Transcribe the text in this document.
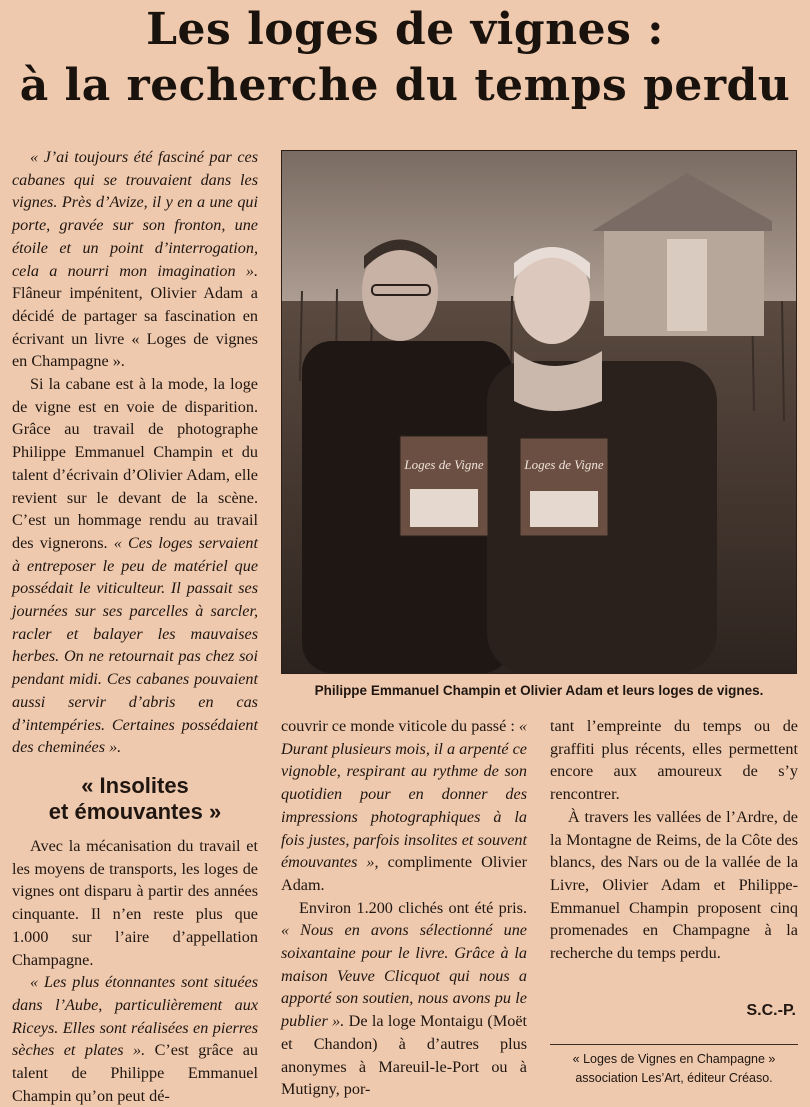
Les loges de vignes :
à la recherche du temps perdu

« J’ai toujours été fasciné par ces cabanes qui se trouvaient dans les vignes. Près d’Avize, il y en a une qui porte, gravée sur son fronton, une étoile et un point d’interrogation, cela a nourri mon imagination ». Flâneur impénitent, Olivier Adam a décidé de partager sa fascination en écrivant un livre « Loges de vignes en Champagne ».

Si la cabane est à la mode, la loge de vigne est en voie de disparition. Grâce au travail de photographe Philippe Emmanuel Champin et du talent d’écrivain d’Olivier Adam, elle revient sur le devant de la scène. C’est un hommage rendu au travail des vignerons. « Ces loges servaient à entreposer le peu de matériel que possédait le viticulteur. Il passait ses journées sur ses parcelles à sarcler, racler et balayer les mauvaises herbes. On ne retournait pas chez soi pendant midi. Ces cabanes pouvaient aussi servir d’abris en cas d’intempéries. Certaines possédaient des cheminées ».

« Insolites
et émouvantes »

Avec la mécanisation du travail et les moyens de transports, les loges de vignes ont disparu à partir des années cinquante. Il n’en reste plus que 1.000 sur l’aire d’appellation Champagne.

« Les plus étonnantes sont situées dans l’Aube, particulièrement aux Riceys. Elles sont réalisées en pierres sèches et plates ». C’est grâce au talent de Philippe Emmanuel Champin qu’on peut dé-

Loges de Vigne	Loges de Vigne
Philippe Emmanuel Champin et Olivier Adam et leurs loges de vignes.

couvrir ce monde viticole du passé : « Durant plusieurs mois, il a arpenté ce vignoble, respirant au rythme de son quotidien pour en donner des impressions photographiques à la fois justes, parfois insolites et souvent émouvantes », complimente Olivier Adam.

Environ 1.200 clichés ont été pris. « Nous en avons sélectionné une soixantaine pour le livre. Grâce à la maison Veuve Clicquot qui nous a apporté son soutien, nous avons pu le publier ». De la loge Montaigu (Moët et Chandon) à d’autres plus anonymes à Mareuil-le-Port ou à Mutigny, por-

tant l’empreinte du temps ou de graffiti plus récents, elles permettent encore aux amoureux de s’y rencontrer.

À travers les vallées de l’Ardre, de la Montagne de Reims, de la Côte des blancs, des Nars ou de la vallée de la Livre, Olivier Adam et Philippe-Emmanuel Champin proposent cinq promenades en Champagne à la recherche du temps perdu.

S.C.-P.
« Loges de Vignes en Champagne »
association Les’Art, éditeur Créaso.
